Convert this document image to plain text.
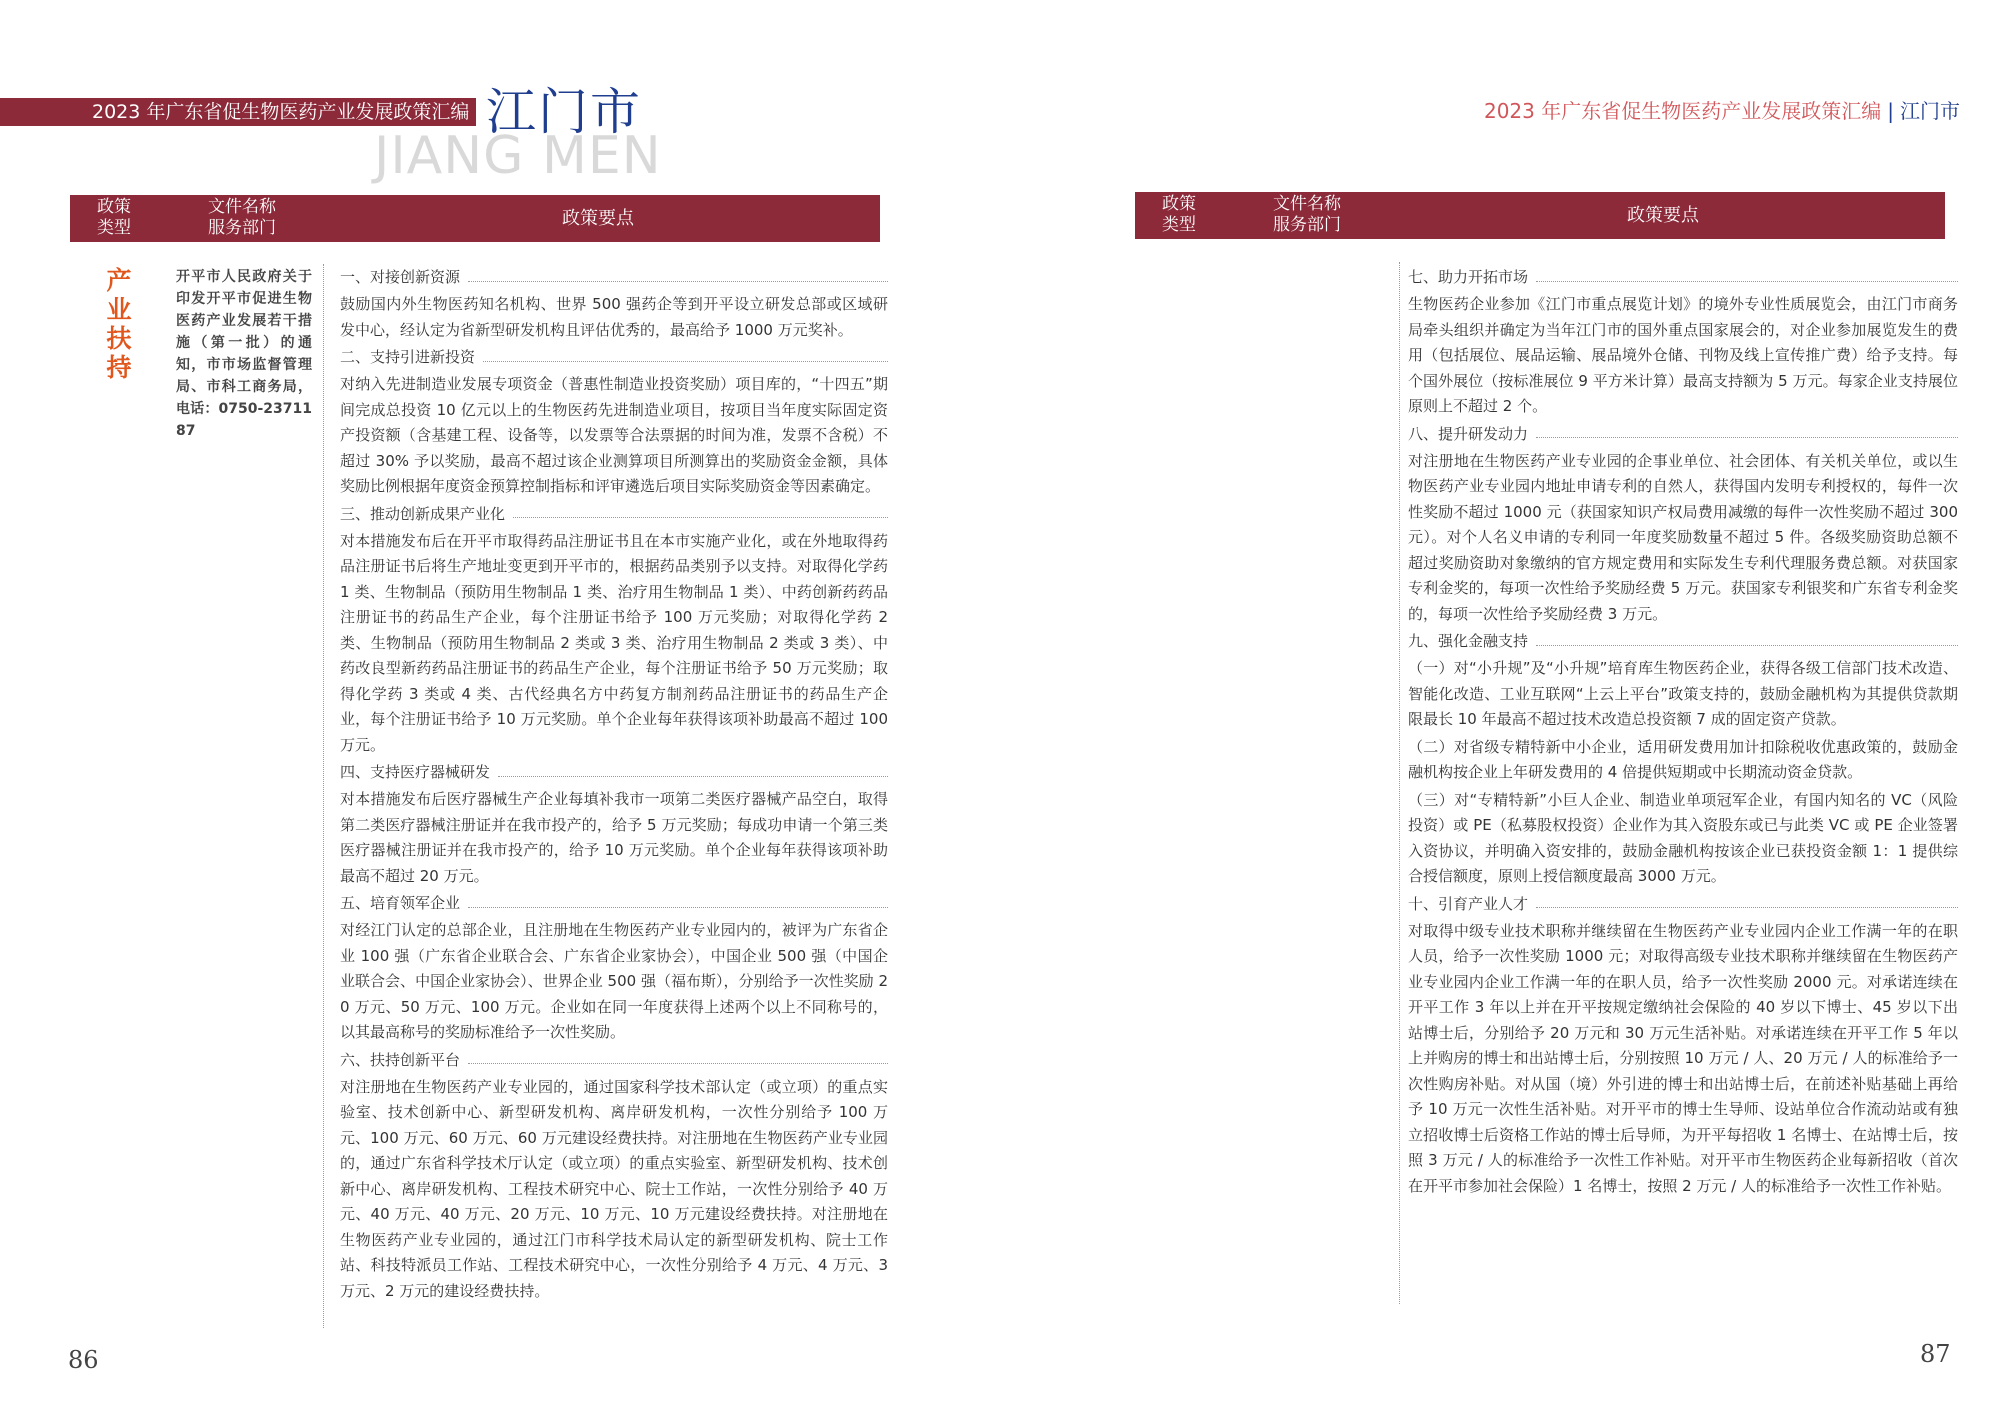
2023 年广东省促生物医药产业发展政策汇编 江门市
JIANG MEN
政策
类型
文件名称
服务部门	政策要点
产业扶持
开平市人民政府关于印发开平市促进生物医药产业发展若干措施（第一批）的通知，市市场监督管理局、市科工商务局，电话：0750-2371187
一、对接创新资源
鼓励国内外生物医药知名机构、世界 500 强药企等到开平设立研发总部或区域研发中心，经认定为省新型研发机构且评估优秀的，最高给予 1000 万元奖补。
二、支持引进新投资
对纳入先进制造业发展专项资金（普惠性制造业投资奖励）项目库的，“十四五”期间完成总投资 10 亿元以上的生物医药先进制造业项目，按项目当年度实际固定资产投资额（含基建工程、设备等，以发票等合法票据的时间为准，发票不含税）不超过 30% 予以奖励，最高不超过该企业测算项目所测算出的奖励资金金额，具体奖励比例根据年度资金预算控制指标和评审遴选后项目实际奖励资金等因素确定。
三、推动创新成果产业化
对本措施发布后在开平市取得药品注册证书且在本市实施产业化，或在外地取得药品注册证书后将生产地址变更到开平市的，根据药品类别予以支持。对取得化学药 1 类、生物制品（预防用生物制品 1 类、治疗用生物制品 1 类）、中药创新药药品注册证书的药品生产企业，每个注册证书给予 100 万元奖励；对取得化学药 2 类、生物制品（预防用生物制品 2 类或 3 类、治疗用生物制品 2 类或 3 类）、中药改良型新药药品注册证书的药品生产企业，每个注册证书给予 50 万元奖励；取得化学药 3 类或 4 类、古代经典名方中药复方制剂药品注册证书的药品生产企业，每个注册证书给予 10 万元奖励。单个企业每年获得该项补助最高不超过 100 万元。
四、支持医疗器械研发
对本措施发布后医疗器械生产企业每填补我市一项第二类医疗器械产品空白，取得第二类医疗器械注册证并在我市投产的，给予 5 万元奖励；每成功申请一个第三类医疗器械注册证并在我市投产的，给予 10 万元奖励。单个企业每年获得该项补助最高不超过 20 万元。
五、培育领军企业
对经江门认定的总部企业，且注册地在生物医药产业专业园内的，被评为广东省企业 100 强（广东省企业联合会、广东省企业家协会），中国企业 500 强（中国企业联合会、中国企业家协会）、世界企业 500 强（福布斯），分别给予一次性奖励 20 万元、50 万元、100 万元。企业如在同一年度获得上述两个以上不同称号的，以其最高称号的奖励标准给予一次性奖励。
六、扶持创新平台
对注册地在生物医药产业专业园的，通过国家科学技术部认定（或立项）的重点实验室、技术创新中心、新型研发机构、离岸研发机构，一次性分别给予 100 万元、100 万元、60 万元、60 万元建设经费扶持。对注册地在生物医药产业专业园的，通过广东省科学技术厅认定（或立项）的重点实验室、新型研发机构、技术创新中心、离岸研发机构、工程技术研究中心、院士工作站，一次性分别给予 40 万元、40 万元、40 万元、20 万元、10 万元、10 万元建设经费扶持。对注册地在生物医药产业专业园的，通过江门市科学技术局认定的新型研发机构、院士工作站、科技特派员工作站、工程技术研究中心，一次性分别给予 4 万元、4 万元、3 万元、2 万元的建设经费扶持。
86
2023 年广东省促生物医药产业发展政策汇编 | 江门市
政策
类型
文件名称
服务部门	政策要点
七、助力开拓市场
生物医药企业参加《江门市重点展览计划》的境外专业性质展览会，由江门市商务局牵头组织并确定为当年江门市的国外重点国家展会的，对企业参加展览发生的费用（包括展位、展品运输、展品境外仓储、刊物及线上宣传推广费）给予支持。每个国外展位（按标准展位 9 平方米计算）最高支持额为 5 万元。每家企业支持展位原则上不超过 2 个。
八、提升研发动力
对注册地在生物医药产业专业园的企事业单位、社会团体、有关机关单位，或以生物医药产业专业园内地址申请专利的自然人，获得国内发明专利授权的，每件一次性奖励不超过 1000 元（获国家知识产权局费用减缴的每件一次性奖励不超过 300 元）。对个人名义申请的专利同一年度奖励数量不超过 5 件。各级奖励资助总额不超过奖励资助对象缴纳的官方规定费用和实际发生专利代理服务费总额。对获国家专利金奖的，每项一次性给予奖励经费 5 万元。获国家专利银奖和广东省专利金奖的，每项一次性给予奖励经费 3 万元。
九、强化金融支持
（一）对“小升规”及“小升规”培育库生物医药企业，获得各级工信部门技术改造、智能化改造、工业互联网“上云上平台”政策支持的，鼓励金融机构为其提供贷款期限最长 10 年最高不超过技术改造总投资额 7 成的固定资产贷款。
（二）对省级专精特新中小企业，适用研发费用加计扣除税收优惠政策的，鼓励金融机构按企业上年研发费用的 4 倍提供短期或中长期流动资金贷款。
（三）对“专精特新”小巨人企业、制造业单项冠军企业，有国内知名的 VC（风险投资）或 PE（私募股权投资）企业作为其入资股东或已与此类 VC 或 PE 企业签署入资协议，并明确入资安排的，鼓励金融机构按该企业已获投资金额 1：1 提供综合授信额度，原则上授信额度最高 3000 万元。
十、引育产业人才
对取得中级专业技术职称并继续留在生物医药产业专业园内企业工作满一年的在职人员，给予一次性奖励 1000 元；对取得高级专业技术职称并继续留在生物医药产业专业园内企业工作满一年的在职人员，给予一次性奖励 2000 元。对承诺连续在开平工作 3 年以上并在开平按规定缴纳社会保险的 40 岁以下博士、45 岁以下出站博士后，分别给予 20 万元和 30 万元生活补贴。对承诺连续在开平工作 5 年以上并购房的博士和出站博士后，分别按照 10 万元 / 人、20 万元 / 人的标准给予一次性购房补贴。对从国（境）外引进的博士和出站博士后，在前述补贴基础上再给予 10 万元一次性生活补贴。对开平市的博士生导师、设站单位合作流动站或有独立招收博士后资格工作站的博士后导师，为开平每招收 1 名博士、在站博士后，按照 3 万元 / 人的标准给予一次性工作补贴。对开平市生物医药企业每新招收（首次在开平市参加社会保险）1 名博士，按照 2 万元 / 人的标准给予一次性工作补贴。
87
